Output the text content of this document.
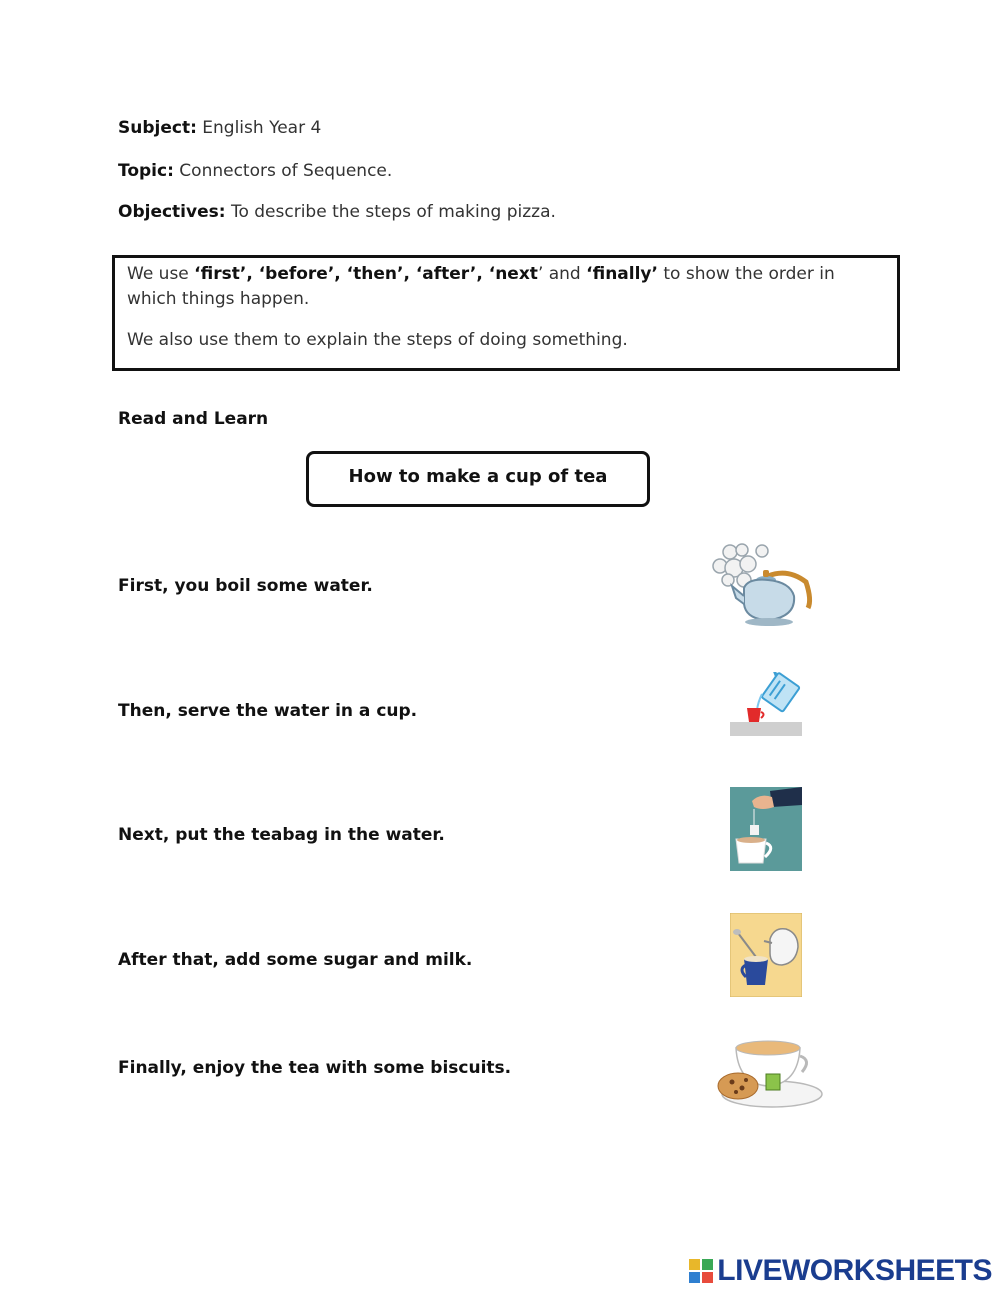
Subject: English Year 4
Topic: Connectors of Sequence.
Objectives: To describe the steps of making pizza.

We use ‘first’, ‘before’, ‘then’, ‘after’, ‘next’ and ‘finally’ to show the order in which things happen.

We also use them to explain the steps of doing something.

Read and Learn
How to make a cup of tea
First, you boil some water.
Then, serve the water in a cup.
Next, put the teabag in the water.
After that, add some sugar and milk.
Finally, enjoy the tea with some biscuits.
LIVEWORKSHEETS
